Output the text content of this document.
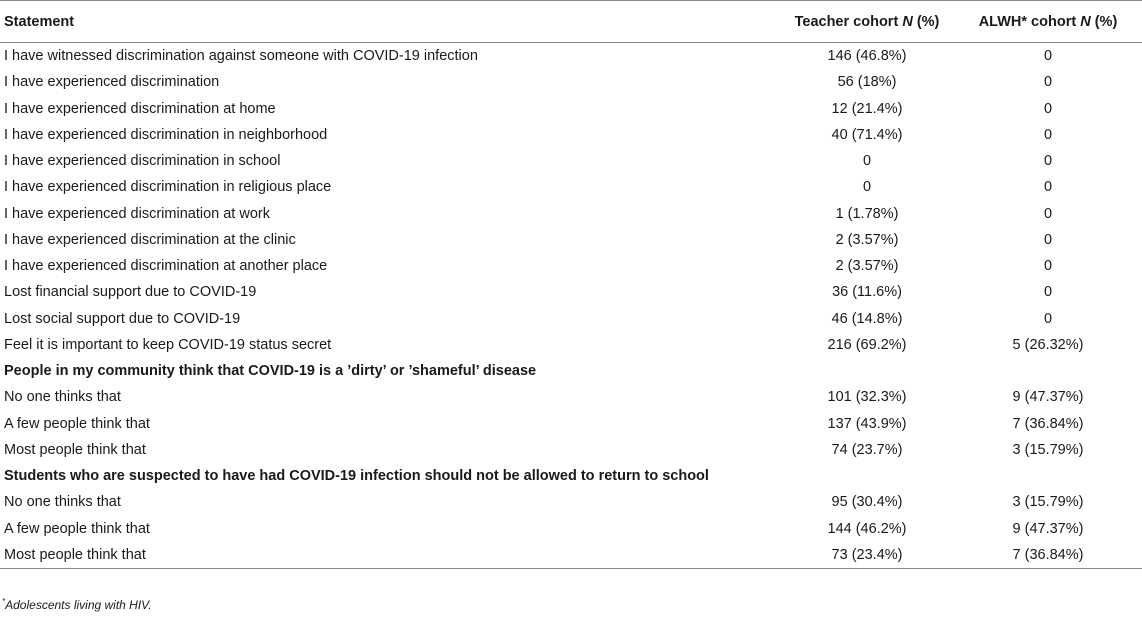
Statement	Teacher cohort N (%)	ALWH* cohort N (%)
I have witnessed discrimination against someone with COVID-19 infection	146 (46.8%)	0
I have experienced discrimination	56 (18%)	0
I have experienced discrimination at home	12 (21.4%)	0
I have experienced discrimination in neighborhood	40 (71.4%)	0
I have experienced discrimination in school	0	0
I have experienced discrimination in religious place	0	0
I have experienced discrimination at work	1 (1.78%)	0
I have experienced discrimination at the clinic	2 (3.57%)	0
I have experienced discrimination at another place	2 (3.57%)	0
Lost financial support due to COVID-19	36 (11.6%)	0
Lost social support due to COVID-19	46 (14.8%)	0
Feel it is important to keep COVID-19 status secret	216 (69.2%)	5 (26.32%)
People in my community think that COVID-19 is a ’dirty’ or ’shameful’ disease		
No one thinks that	101 (32.3%)	9 (47.37%)
A few people think that	137 (43.9%)	7 (36.84%)
Most people think that	74 (23.7%)	3 (15.79%)
Students who are suspected to have had COVID-19 infection should not be allowed to return to school		
No one thinks that	95 (30.4%)	3 (15.79%)
A few people think that	144 (46.2%)	9 (47.37%)
Most people think that	73 (23.4%)	7 (36.84%)
*Adolescents living with HIV.
